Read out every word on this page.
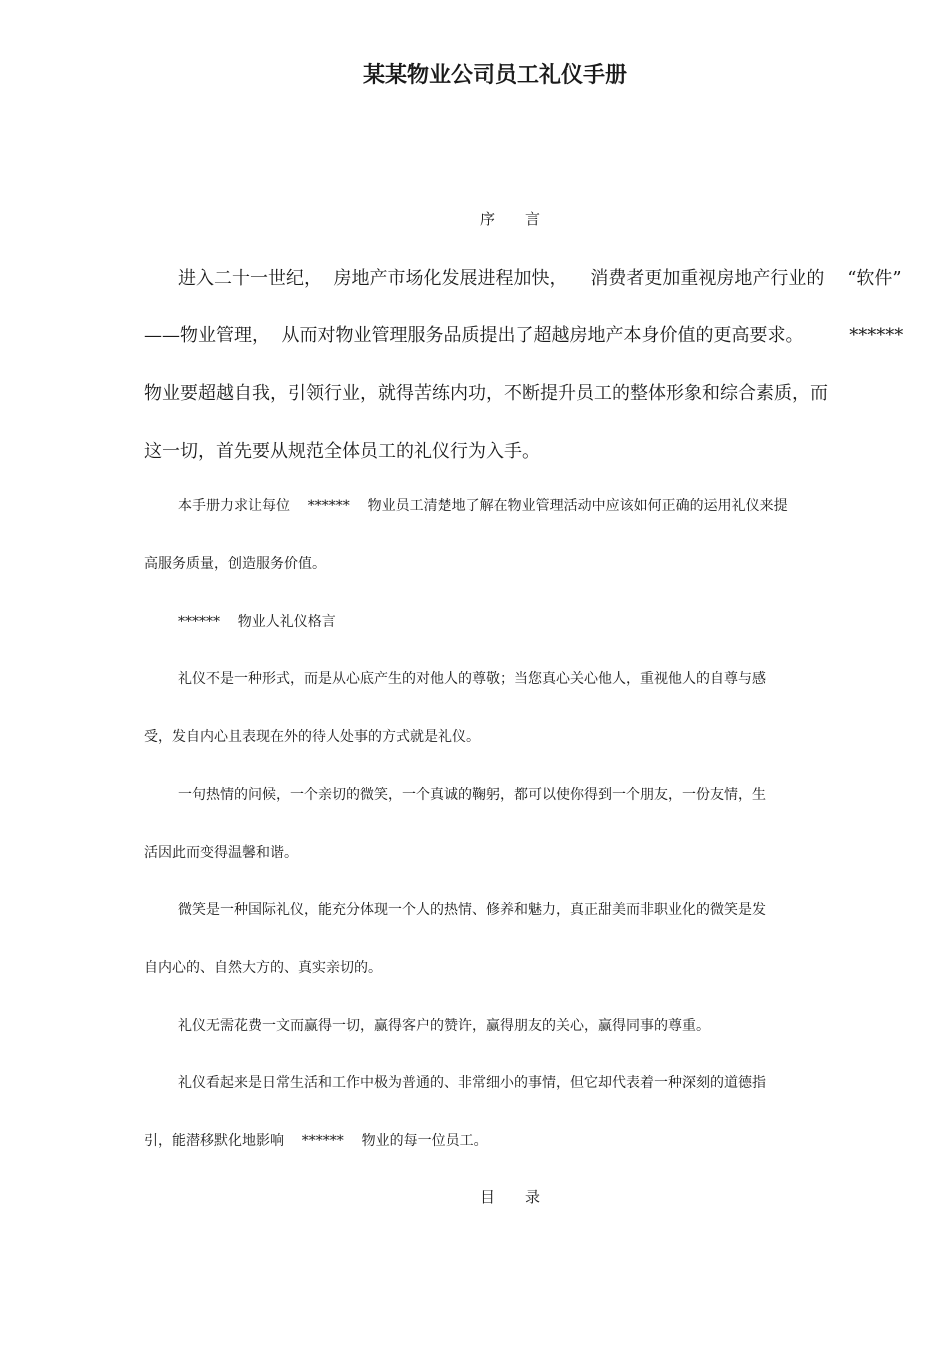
某某物业公司员工礼仪手册
序　　言

进入二十一世纪，  房地产市场化发展进程加快，    消费者更加重视房地产行业的    “软件”

——物业管理，  从而对物业管理服务品质提出了超越房地产本身价值的更高要求。        ******

物业要超越自我，引领行业，就得苦练内功，不断提升员工的整体形象和综合素质，而

这一切，首先要从规范全体员工的礼仪行为入手。

本手册力求让每位    ******    物业员工清楚地了解在物业管理活动中应该如何正确的运用礼仪来提

高服务质量，创造服务价值。

******    物业人礼仪格言

礼仪不是一种形式，而是从心底产生的对他人的尊敬；当您真心关心他人，重视他人的自尊与感

受，发自内心且表现在外的待人处事的方式就是礼仪。

一句热情的问候，一个亲切的微笑，一个真诚的鞠躬，都可以使你得到一个朋友，一份友情，生

活因此而变得温馨和谐。

微笑是一种国际礼仪，能充分体现一个人的热情、修养和魅力，真正甜美而非职业化的微笑是发

自内心的、自然大方的、真实亲切的。

礼仪无需花费一文而赢得一切，赢得客户的赞许，赢得朋友的关心，赢得同事的尊重。

礼仪看起来是日常生活和工作中极为普通的、非常细小的事情，但它却代表着一种深刻的道德指

引，能潜移默化地影响    ******    物业的每一位员工。

目　　录
